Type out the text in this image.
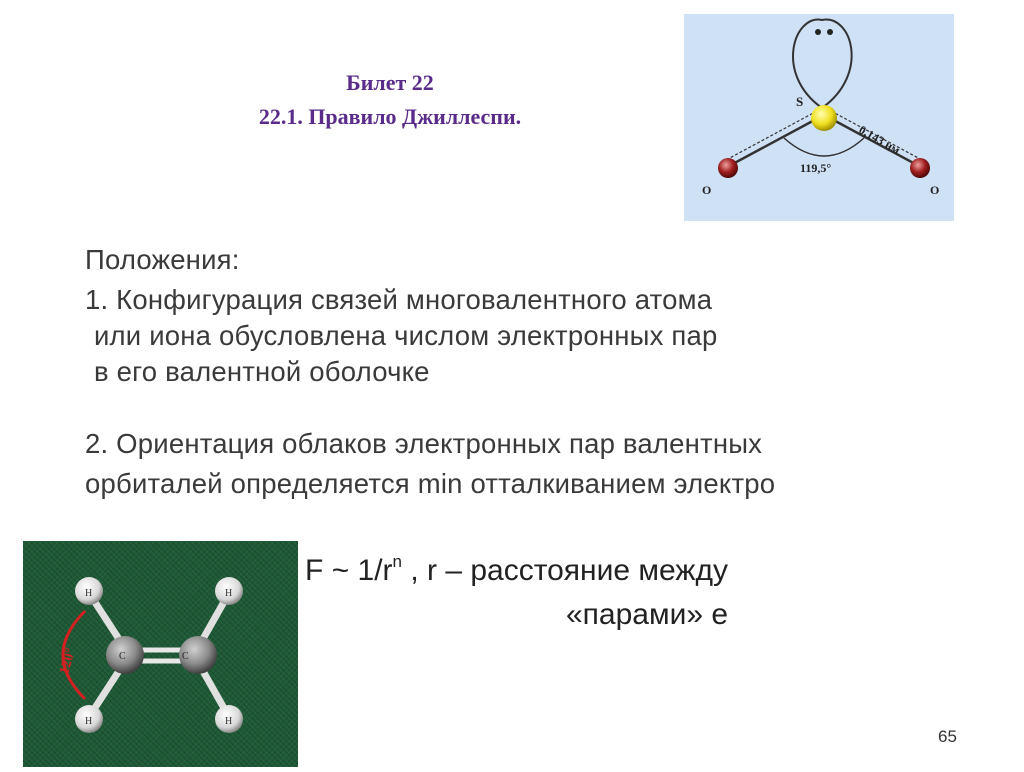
Билет 22
22.1. Правило Джиллеспи.
S
O	O
0,143 нм
119,5°
Положения:
1. Конфигурация связей многовалентного атома
или иона обусловлена числом электронных пар
в его валентной оболочке
2. Ориентация облаков электронных пар валентных
орбиталей определяется min отталкиванием электро
H
H
H
H
C	C
120°
F ~ $1/r^n$ , r – расстояние между
«парами» е
65
